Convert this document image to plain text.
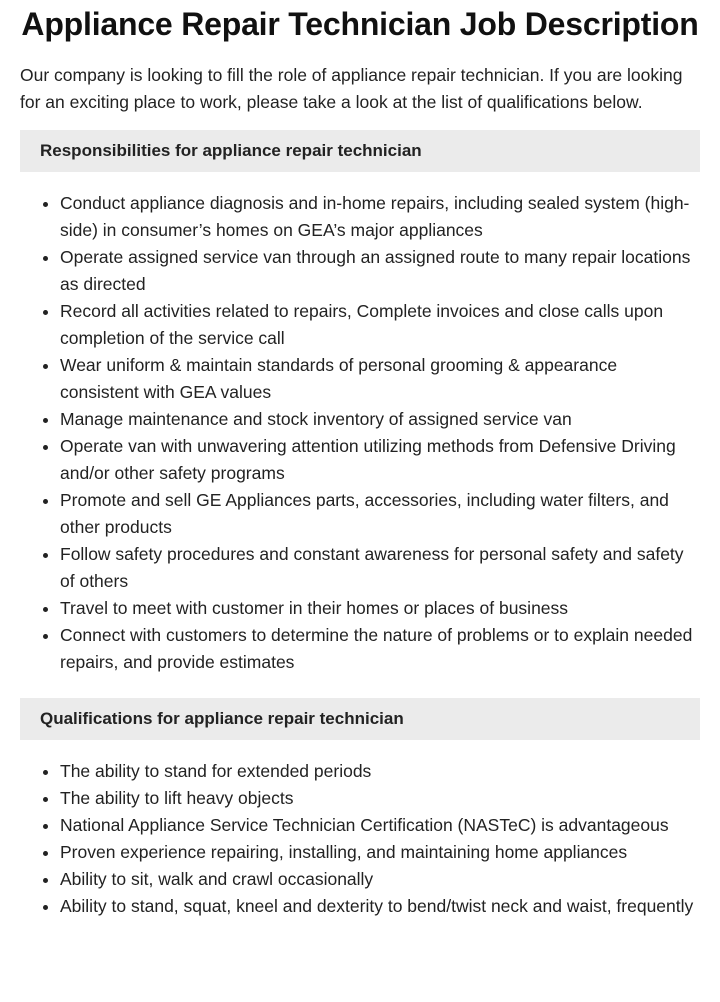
Appliance Repair Technician Job Description

Our company is looking to fill the role of appliance repair technician. If you are looking for an exciting place to work, please take a look at the list of qualifications below.

Responsibilities for appliance repair technician
• Conduct appliance diagnosis and in-home repairs, including sealed system (high-side) in consumer’s homes on GEA’s major appliances
• Operate assigned service van through an assigned route to many repair locations as directed
• Record all activities related to repairs, Complete invoices and close calls upon completion of the service call
• Wear uniform & maintain standards of personal grooming & appearance consistent with GEA values
• Manage maintenance and stock inventory of assigned service van
• Operate van with unwavering attention utilizing methods from Defensive Driving and/or other safety programs
• Promote and sell GE Appliances parts, accessories, including water filters, and other products
• Follow safety procedures and constant awareness for personal safety and safety of others
• Travel to meet with customer in their homes or places of business
• Connect with customers to determine the nature of problems or to explain needed repairs, and provide estimates
Qualifications for appliance repair technician
• The ability to stand for extended periods
• The ability to lift heavy objects
• National Appliance Service Technician Certification (NASTeC) is advantageous
• Proven experience repairing, installing, and maintaining home appliances
• Ability to sit, walk and crawl occasionally
• Ability to stand, squat, kneel and dexterity to bend/twist neck and waist, frequently
